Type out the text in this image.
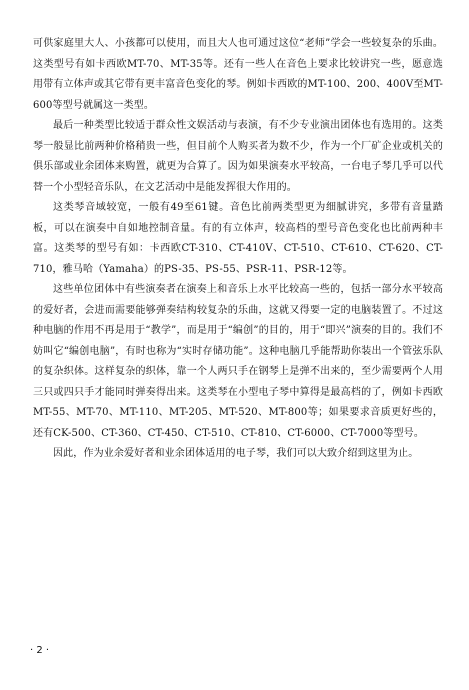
可供家庭里大人、小孩都可以使用，而且大人也可通过这位“老师”学会一些较复杂的乐曲。这类型号有如卡西欧MT-70、MT-35等。还有一些人在音色上要求比较讲究一些，愿意选用带有立体声或其它带有更丰富音色变化的琴。例如卡西欧的MT-100、200、400V至MT-600等型号就属这一类型。

最后一种类型比较适于群众性文娱活动与表演，有不少专业演出团体也有选用的。这类琴一般显比前两种价格稍贵一些，但目前个人购买者为数不少，作为一个厂矿企业或机关的俱乐部或业余团体来购置，就更为合算了。因为如果演奏水平较高，一台电子琴几乎可以代替一个小型轻音乐队，在文艺活动中是能发挥很大作用的。

这类琴音域较宽，一般有49至61键。音色比前两类型更为细腻讲究，多带有音量踏板，可以在演奏中自如地控制音量。有的有立体声，较高档的型号音色变化也比前两种丰富。这类琴的型号有如：卡西欧CT-310、CT-410V、CT-510、CT-610、CT-620、CT-710，雅马哈（Yamaha）的PS-35、PS-55、PSR-11、PSR-12等。

这些单位团体中有些演奏者在演奏上和音乐上水平比较高一些的，包括一部分水平较高的爱好者，会进而需要能够弹奏结构较复杂的乐曲，这就又得要一定的电脑装置了。不过这种电脑的作用不再是用于“教学”，而是用于“编创”的目的，用于“即兴”演奏的目的。我们不妨叫它“编创电脑”，有时也称为“实时存储功能”。这种电脑几乎能帮助你装出一个管弦乐队的复杂织体。这样复杂的织体，靠一个人两只手在钢琴上是弹不出来的，至少需要两个人用三只或四只手才能同时弹奏得出来。这类琴在小型电子琴中算得是最高档的了，例如卡西欧MT-55、MT-70、MT-110、MT-205、MT-520、MT-800等；如果要求音质更好些的，还有CK-500、CT-360、CT-450、CT-510、CT-810、CT-6000、CT-7000等型号。

因此，作为业余爱好者和业余团体适用的电子琴，我们可以大致介绍到这里为止。

· 2 ·
